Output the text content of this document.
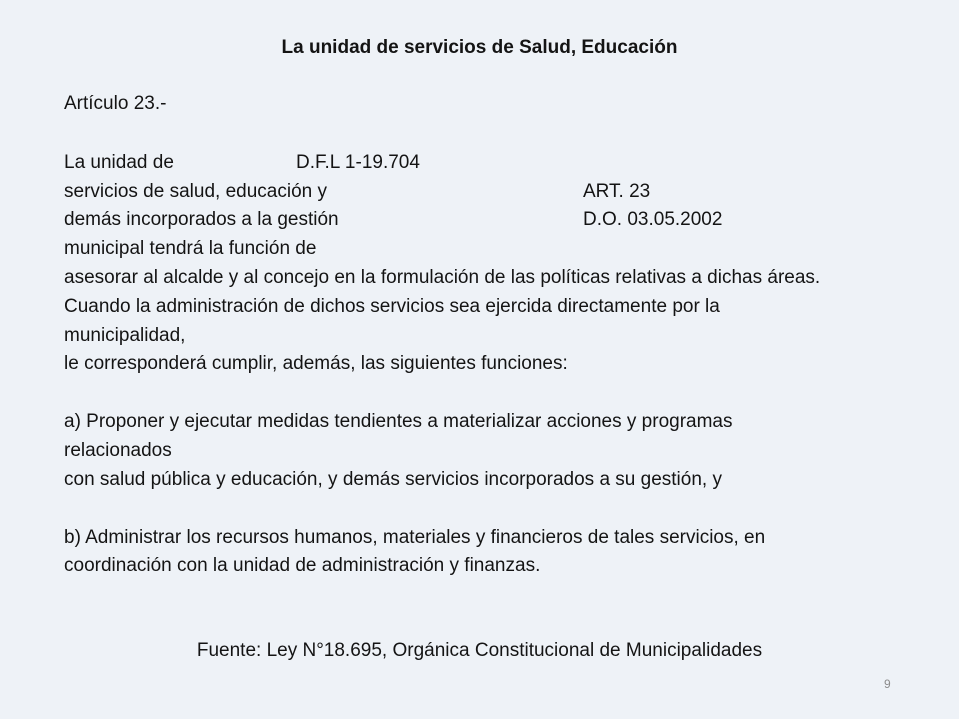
La unidad de servicios de Salud, Educación
Artículo 23.-
La unidad de
servicios de salud, educación y
demás incorporados a la gestión
municipal tendrá la función de
asesorar al alcalde y al concejo en la formulación de las políticas relativas a dichas áreas.
Cuando la administración de dichos servicios sea ejercida directamente por la
municipalidad,
le corresponderá cumplir, además, las siguientes funciones:
D.F.L 1-19.704
ART. 23
D.O. 03.05.2002
a) Proponer y ejecutar medidas tendientes a materializar acciones y programas
relacionados
con salud pública y educación, y demás servicios incorporados a su gestión, y
b) Administrar los recursos humanos, materiales y financieros de tales servicios, en
coordinación con la unidad de administración y finanzas.
Fuente: Ley N°18.695, Orgánica Constitucional de Municipalidades
9
